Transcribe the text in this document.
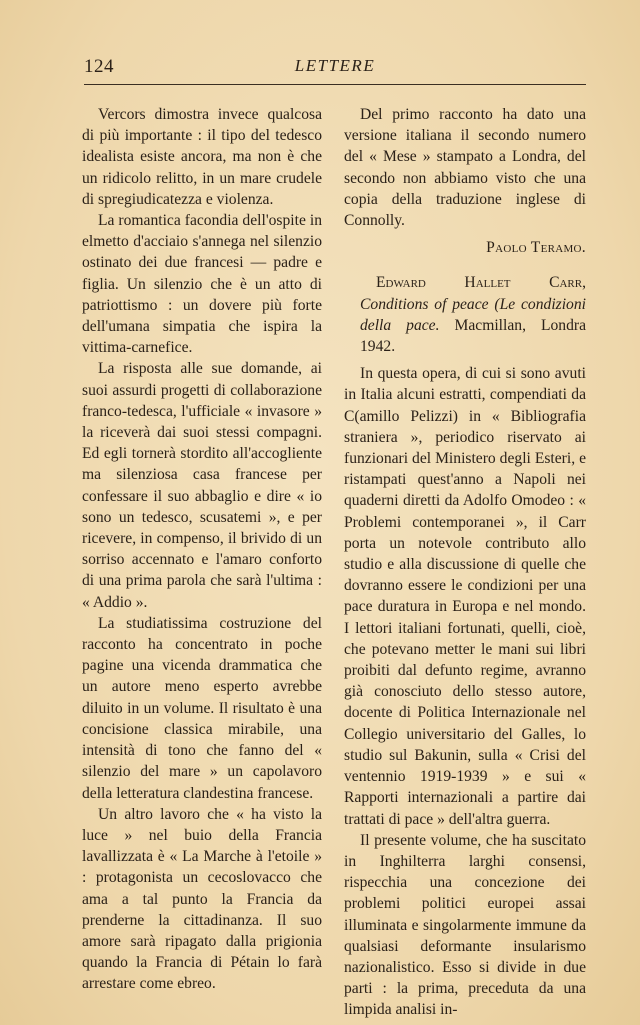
124	LETTERE

Vercors dimostra invece qualcosa di più importante : il tipo del tedesco idealista esiste ancora, ma non è che un ridicolo relitto, in un mare crudele di spregiudicatezza e violenza.

La romantica facondia dell'ospite in elmetto d'acciaio s'annega nel silenzio ostinato dei due francesi — padre e figlia. Un silenzio che è un atto di patriottismo : un dovere più forte dell'umana simpatia che ispira la vittima-carnefice.

La risposta alle sue domande, ai suoi assurdi progetti di collaborazione franco-tedesca, l'ufficiale « invasore » la riceverà dai suoi stessi compagni. Ed egli tornerà stordito all'accogliente ma silenziosa casa francese per confessare il suo abbaglio e dire « io sono un tedesco, scusatemi », e per ricevere, in compenso, il brivido di un sorriso accennato e l'amaro conforto di una prima parola che sarà l'ultima : « Addio ».

La studiatissima costruzione del racconto ha concentrato in poche pagine una vicenda drammatica che un autore meno esperto avrebbe diluito in un volume. Il risultato è una concisione classica mirabile, una intensità di tono che fanno del « silenzio del mare » un capolavoro della letteratura clandestina francese.

Un altro lavoro che « ha visto la luce » nel buio della Francia lavallizzata è « La Marche à l'etoile » : protagonista un cecoslovacco che ama a tal punto la Francia da prenderne la cittadinanza. Il suo amore sarà ripagato dalla prigionia quando la Francia di Pétain lo farà arrestare come ebreo.

Del primo racconto ha dato una versione italiana il secondo numero del « Mese » stampato a Londra, del secondo non abbiamo visto che una copia della traduzione inglese di Connolly.

Paolo Teramo.

Edward Hallet Carr, Conditions of peace (Le condizioni della pace. Macmillan, Londra 1942.

In questa opera, di cui si sono avuti in Italia alcuni estratti, compendiati da C(amillo Pelizzi) in « Bibliografia straniera », periodico riservato ai funzionari del Ministero degli Esteri, e ristampati quest'anno a Napoli nei quaderni diretti da Adolfo Omodeo : « Problemi contemporanei », il Carr porta un notevole contributo allo studio e alla discussione di quelle che dovranno essere le condizioni per una pace duratura in Europa e nel mondo. I lettori italiani fortunati, quelli, cioè, che potevano metter le mani sui libri proibiti dal defunto regime, avranno già conosciuto dello stesso autore, docente di Politica Internazionale nel Collegio universitario del Galles, lo studio sul Bakunin, sulla « Crisi del ventennio 1919-1939 » e sui « Rapporti internazionali a partire dai trattati di pace » dell'altra guerra.

Il presente volume, che ha suscitato in Inghilterra larghi consensi, rispecchia una concezione dei problemi politici europei assai illuminata e singolarmente immune da qualsiasi deformante insularismo nazionalistico. Esso si divide in due parti : la prima, preceduta da una limpida analisi in-
